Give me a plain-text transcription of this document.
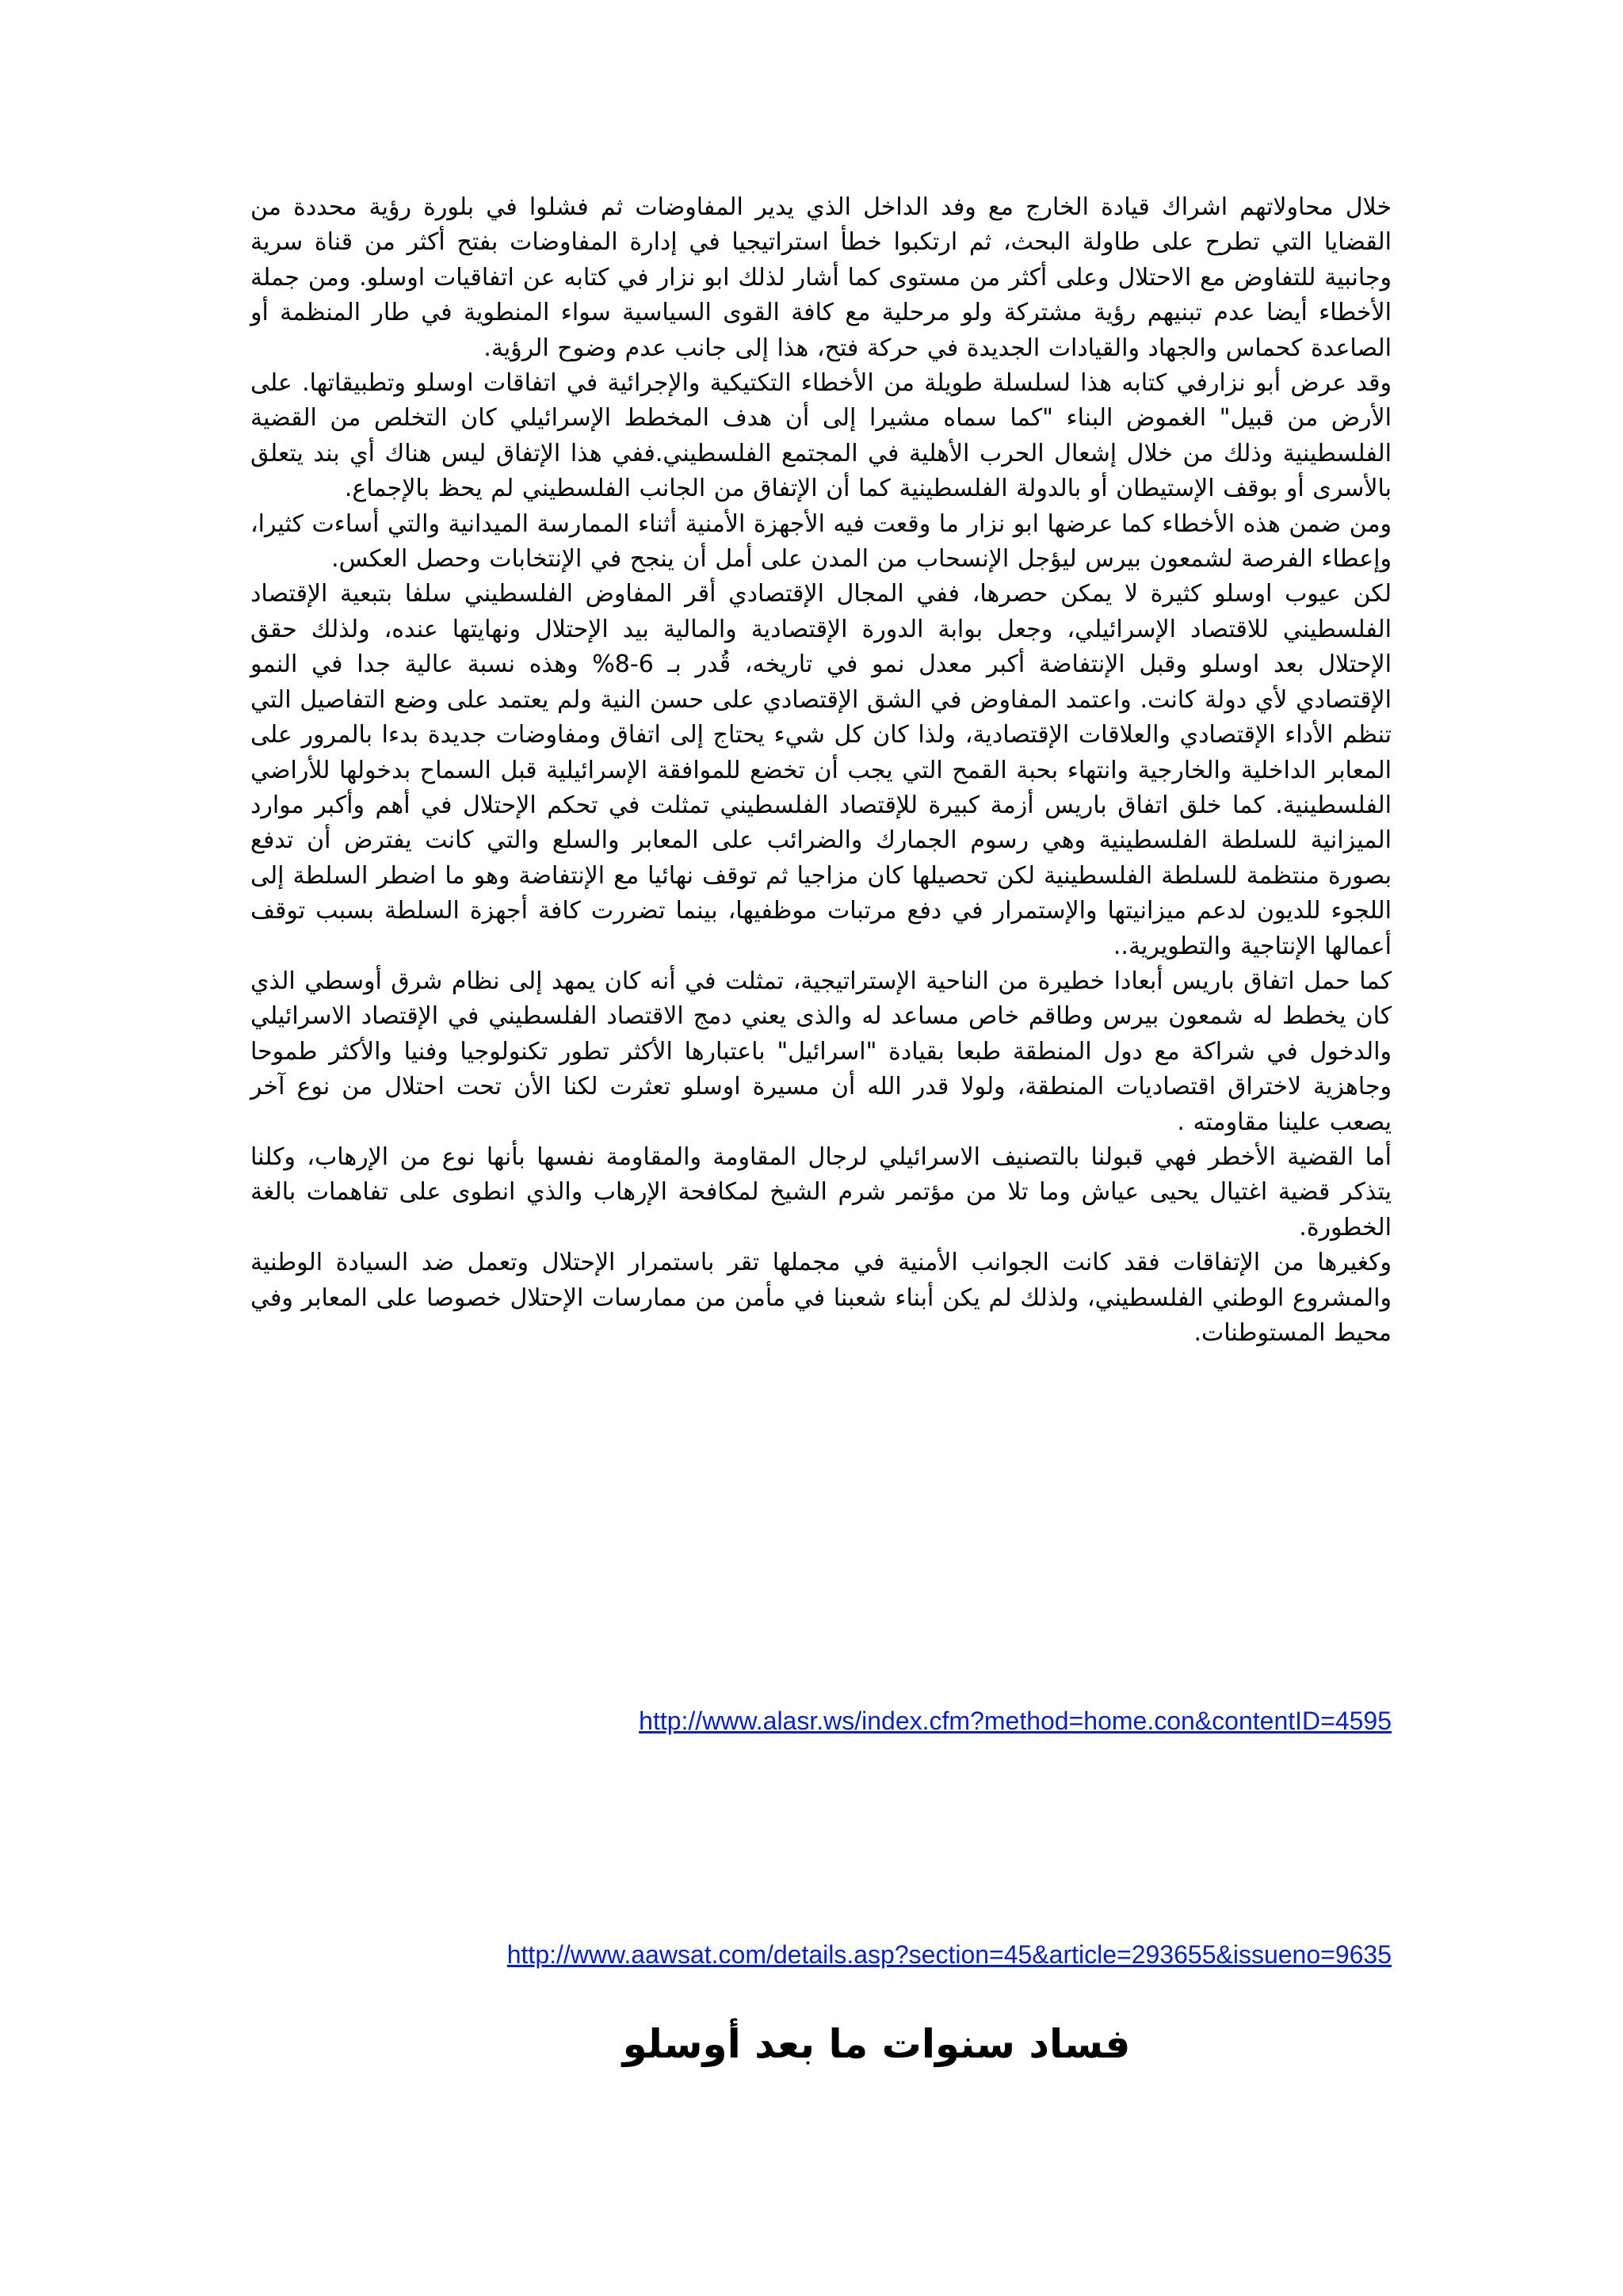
خلال محاولاتهم اشراك قيادة الخارج مع وفد الداخل الذي يدير المفاوضات ثم فشلوا في بلورة رؤية محددة من القضايا التي تطرح على طاولة البحث، ثم ارتكبوا خطأ استراتيجيا في إدارة المفاوضات بفتح أكثر من قناة سرية وجانبية للتفاوض مع الاحتلال وعلى أكثر من مستوى كما أشار لذلك ابو نزار في كتابه عن اتفاقيات اوسلو. ومن جملة الأخطاء أيضا عدم تبنيهم رؤية مشتركة ولو مرحلية مع كافة القوى السياسية سواء المنطوية في طار المنظمة أو الصاعدة كحماس والجهاد والقيادات الجديدة في حركة فتح، هذا إلى جانب عدم وضوح الرؤية.

وقد عرض أبو نزارفي كتابه هذا لسلسلة طويلة من الأخطاء التكتيكية والإجرائية في اتفاقات اوسلو وتطبيقاتها. على الأرض من قبيل" الغموض البناء "كما سماه مشيرا إلى أن هدف المخطط الإسرائيلي كان التخلص من القضية الفلسطينية وذلك من خلال إشعال الحرب الأهلية في المجتمع الفلسطيني.ففي هذا الإتفاق ليس هناك أي بند يتعلق بالأسرى أو بوقف الإستيطان أو بالدولة الفلسطينية كما أن الإتفاق من الجانب الفلسطيني لم يحظ بالإجماع.

ومن ضمن هذه الأخطاء كما عرضها ابو نزار ما وقعت فيه الأجهزة الأمنية أثناء الممارسة الميدانية والتي أساءت كثيرا، وإعطاء الفرصة لشمعون بيرس ليؤجل الإنسحاب من المدن على أمل أن ينجح في الإنتخابات وحصل العكس.

لكن عيوب اوسلو كثيرة لا يمكن حصرها، ففي المجال الإقتصادي أقر المفاوض الفلسطيني سلفا بتبعية الإقتصاد الفلسطيني للاقتصاد الإسرائيلي، وجعل بوابة الدورة الإقتصادية والمالية بيد الإحتلال ونهايتها عنده، ولذلك حقق الإحتلال بعد اوسلو وقبل الإنتفاضة أكبر معدل نمو في تاريخه، قُدر بـ 6-8% وهذه نسبة عالية جدا في النمو الإقتصادي لأي دولة كانت. واعتمد المفاوض في الشق الإقتصادي على حسن النية ولم يعتمد على وضع التفاصيل التي تنظم الأداء الإقتصادي والعلاقات الإقتصادية، ولذا كان كل شيء يحتاج إلى اتفاق ومفاوضات جديدة بدءا بالمرور على المعابر الداخلية والخارجية وانتهاء بحبة القمح التي يجب أن تخضع للموافقة الإسرائيلية قبل السماح بدخولها للأراضي الفلسطينية. كما خلق اتفاق باريس أزمة كبيرة للإقتصاد الفلسطيني تمثلت في تحكم الإحتلال في أهم وأكبر موارد الميزانية للسلطة الفلسطينية وهي رسوم الجمارك والضرائب على المعابر والسلع والتي كانت يفترض أن تدفع بصورة منتظمة للسلطة الفلسطينية لكن تحصيلها كان مزاجيا ثم توقف نهائيا مع الإنتفاضة وهو ما اضطر السلطة إلى اللجوء للديون لدعم ميزانيتها والإستمرار في دفع مرتبات موظفيها، بينما تضررت كافة أجهزة السلطة بسبب توقف أعمالها الإنتاجية والتطويرية..

كما حمل اتفاق باريس أبعادا خطيرة من الناحية الإستراتيجية، تمثلت في أنه كان يمهد إلى نظام شرق أوسطي الذي كان يخطط له شمعون بيرس وطاقم خاص مساعد له والذى يعني دمج الاقتصاد الفلسطيني في الإقتصاد الاسرائيلي والدخول في شراكة مع دول المنطقة طبعا بقيادة "اسرائيل" باعتبارها الأكثر تطور تكنولوجيا وفنيا والأكثر طموحا وجاهزية لاختراق اقتصاديات المنطقة، ولولا قدر الله أن مسيرة اوسلو تعثرت لكنا الأن تحت احتلال من نوع آخر يصعب علينا مقاومته .

أما القضية الأخطر فهي قبولنا بالتصنيف الاسرائيلي لرجال المقاومة والمقاومة نفسها بأنها نوع من الإرهاب، وكلنا يتذكر قضية اغتيال يحيى عياش وما تلا من مؤتمر شرم الشيخ لمكافحة الإرهاب والذي انطوى على تفاهمات بالغة الخطورة.

وكغيرها من الإتفاقات فقد كانت الجوانب الأمنية في مجملها تقر باستمرار الإحتلال وتعمل ضد السيادة الوطنية والمشروع الوطني الفلسطيني، ولذلك لم يكن أبناء شعبنا في مأمن من ممارسات الإحتلال خصوصا على المعابر وفي محيط المستوطنات.

http://www.alasr.ws/index.cfm?method=home.con&contentID=4595
http://www.aawsat.com/details.asp?section=45&article=293655&issueno=9635
فساد سنوات ما بعد أوسلو
